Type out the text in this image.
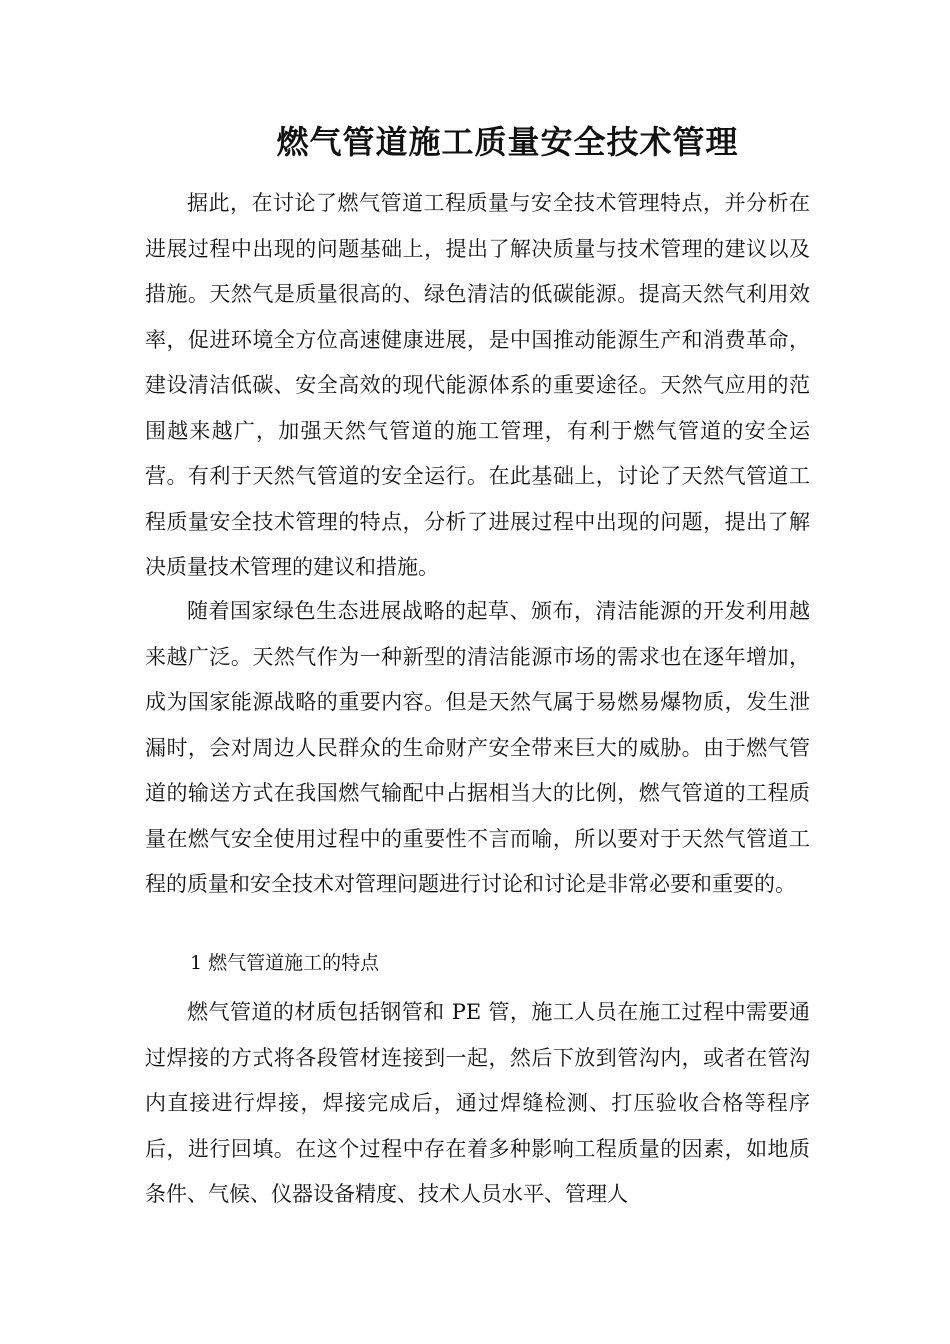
燃气管道施工质量安全技术管理

据此，在讨论了燃气管道工程质量与安全技术管理特点，并分析在进展过程中出现的问题基础上，提出了解决质量与技术管理的建议以及措施。天然气是质量很高的、绿色清洁的低碳能源。提高天然气利用效率，促进环境全方位高速健康进展，是中国推动能源生产和消费革命，建设清洁低碳、安全高效的现代能源体系的重要途径。天然气应用的范围越来越广，加强天然气管道的施工管理，有利于燃气管道的安全运营。有利于天然气管道的安全运行。在此基础上，讨论了天然气管道工程质量安全技术管理的特点，分析了进展过程中出现的问题，提出了解决质量技术管理的建议和措施。

随着国家绿色生态进展战略的起草、颁布，清洁能源的开发利用越来越广泛。天然气作为一种新型的清洁能源市场的需求也在逐年增加，成为国家能源战略的重要内容。但是天然气属于易燃易爆物质，发生泄漏时，会对周边人民群众的生命财产安全带来巨大的威胁。由于燃气管道的输送方式在我国燃气输配中占据相当大的比例，燃气管道的工程质量在燃气安全使用过程中的重要性不言而喻，所以要对于天然气管道工程的质量和安全技术对管理问题进行讨论和讨论是非常必要和重要的。

1 燃气管道施工的特点

燃气管道的材质包括钢管和 PE 管，施工人员在施工过程中需要通过焊接的方式将各段管材连接到一起，然后下放到管沟内，或者在管沟内直接进行焊接，焊接完成后，通过焊缝检测、打压验收合格等程序后，进行回填。在这个过程中存在着多种影响工程质量的因素，如地质条件、气候、仪器设备精度、技术人员水平、管理人
